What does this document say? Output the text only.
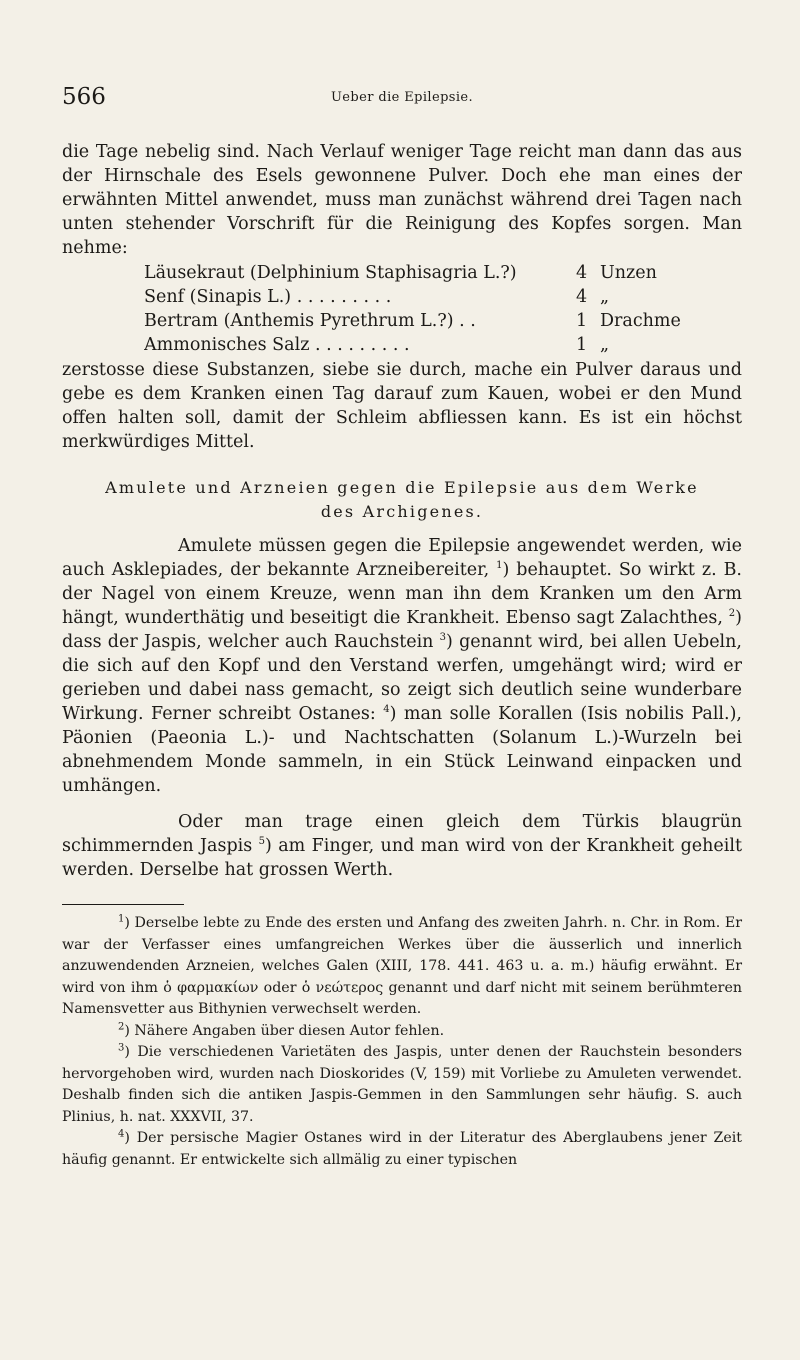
566	Ueber die Epilepsie.

die Tage nebelig sind. Nach Verlauf weniger Tage reicht man dann das aus der Hirnschale des Esels gewonnene Pulver. Doch ehe man eines der erwähnten Mittel anwendet, muss man zunächst während drei Tagen nach unten stehender Vorschrift für die Reinigung des Kopfes sorgen. Man nehme:

Läusekraut (Delphinium Staphisagria L.?)	4 Unzen
Senf (Sinapis L.) . . . . . . . . .	4 „
Bertram (Anthemis Pyrethrum L.?) . .	1 Drachme
Ammonisches Salz . . . . . . . . .	1 „

zerstosse diese Substanzen, siebe sie durch, mache ein Pulver daraus und gebe es dem Kranken einen Tag darauf zum Kauen, wobei er den Mund offen halten soll, damit der Schleim abfliessen kann. Es ist ein höchst merkwürdiges Mittel.

Amulete und Arzneien gegen die Epilepsie aus dem Werke
des Archigenes.

Amulete müssen gegen die Epilepsie angewendet werden, wie auch Asklepiades, der bekannte Arzneibereiter, $^1$) behauptet. So wirkt z. B. der Nagel von einem Kreuze, wenn man ihn dem Kranken um den Arm hängt, wunderthätig und beseitigt die Krankheit. Ebenso sagt Zalachthes, $^2$) dass der Jaspis, welcher auch Rauchstein $^3$) genannt wird, bei allen Uebeln, die sich auf den Kopf und den Verstand werfen, umgehängt wird; wird er gerieben und dabei nass gemacht, so zeigt sich deutlich seine wunderbare Wirkung. Ferner schreibt Ostanes: $^4$) man solle Korallen (Isis nobilis Pall.), Päonien (Paeonia L.)- und Nachtschatten (Solanum L.)-Wurzeln bei abnehmendem Monde sammeln, in ein Stück Leinwand einpacken und umhängen.

Oder man trage einen gleich dem Türkis blaugrün schimmernden Jaspis $^5$) am Finger, und man wird von der Krankheit geheilt werden. Derselbe hat grossen Werth.

$^1$) Derselbe lebte zu Ende des ersten und Anfang des zweiten Jahrh. n. Chr. in Rom. Er war der Verfasser eines umfangreichen Werkes über die äusserlich und innerlich anzuwendenden Arzneien, welches Galen (XIII, 178. 441. 463 u. a. m.) häufig erwähnt. Er wird von ihm ὁ φαρμακίων oder ὁ νεώτερος genannt und darf nicht mit seinem berühmteren Namensvetter aus Bithynien verwechselt werden.

$^2$) Nähere Angaben über diesen Autor fehlen.

$^3$) Die verschiedenen Varietäten des Jaspis, unter denen der Rauchstein besonders hervorgehoben wird, wurden nach Dioskorides (V, 159) mit Vorliebe zu Amuleten verwendet. Deshalb finden sich die antiken Jaspis-Gemmen in den Sammlungen sehr häufig. S. auch Plinius, h. nat. XXXVII, 37.

$^4$) Der persische Magier Ostanes wird in der Literatur des Aberglaubens jener Zeit häufig genannt. Er entwickelte sich allmälig zu einer typischen
